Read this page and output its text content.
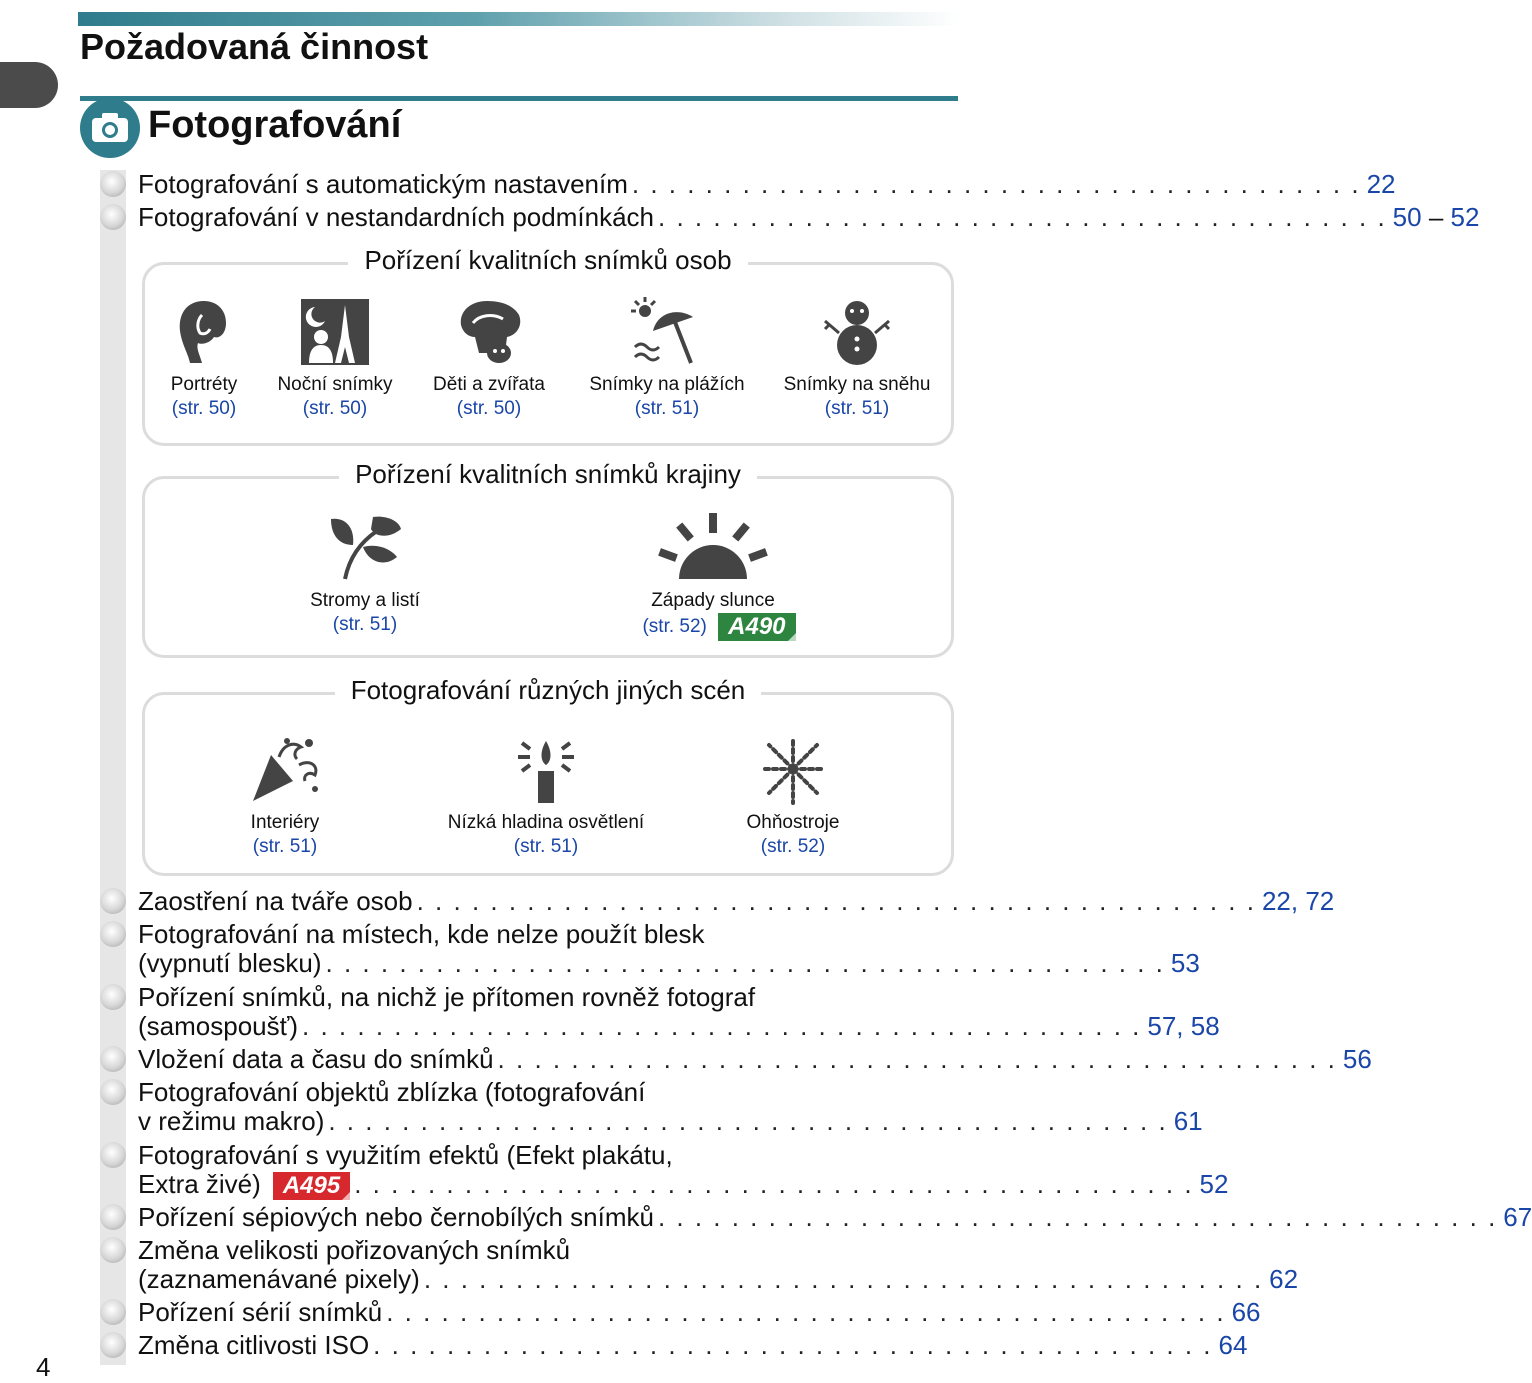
Požadovaná činnost
Fotografování
Fotografování s automatickým nastavením . . . . . . . . . . . . . . . . . . . . . . . . . . . . . . . . . . . . . . . . 22
Fotografování v nestandardních podmínkách . . . . . . . . . . . . . . . . . . . . . . . . . . . . . . . . . . . . . . . . 50 – 52
Pořízení kvalitních snímků osob
Portréty
(str. 50)
Noční snímky
(str. 50)
Děti a zvířata
(str. 50)
Snímky na plážích
(str. 51)
Snímky na sněhu
(str. 51)
Pořízení kvalitních snímků krajiny
Stromy a listí
(str. 51)
Západy slunce
(str. 52) A490
Fotografování různých jiných scén
Interiéry
(str. 51)
Nízká hladina osvětlení
(str. 51)
Ohňostroje
(str. 52)
Zaostření na tváře osob . . . . . . . . . . . . . . . . . . . . . . . . . . . . . . . . . . . . . . . . . . . . . . 22, 72
Fotografování na místech, kde nelze použít blesk
(vypnutí blesku) . . . . . . . . . . . . . . . . . . . . . . . . . . . . . . . . . . . . . . . . . . . . . . 53
Pořízení snímků, na nichž je přítomen rovněž fotograf
(samospoušť) . . . . . . . . . . . . . . . . . . . . . . . . . . . . . . . . . . . . . . . . . . . . . . 57, 58
Vložení data a času do snímků . . . . . . . . . . . . . . . . . . . . . . . . . . . . . . . . . . . . . . . . . . . . . . 56
Fotografování objektů zblízka (fotografování
v režimu makro) . . . . . . . . . . . . . . . . . . . . . . . . . . . . . . . . . . . . . . . . . . . . . . 61
Fotografování s využitím efektů (Efekt plakátu,
Extra živé) A495 . . . . . . . . . . . . . . . . . . . . . . . . . . . . . . . . . . . . . . . . . . . . . . 52
Pořízení sépiových nebo černobílých snímků . . . . . . . . . . . . . . . . . . . . . . . . . . . . . . . . . . . . . . . . . . . . . . 67
Změna velikosti pořizovaných snímků
(zaznamenávané pixely) . . . . . . . . . . . . . . . . . . . . . . . . . . . . . . . . . . . . . . . . . . . . . . 62
Pořízení sérií snímků . . . . . . . . . . . . . . . . . . . . . . . . . . . . . . . . . . . . . . . . . . . . . . 66
Změna citlivosti ISO . . . . . . . . . . . . . . . . . . . . . . . . . . . . . . . . . . . . . . . . . . . . . . 64
4
